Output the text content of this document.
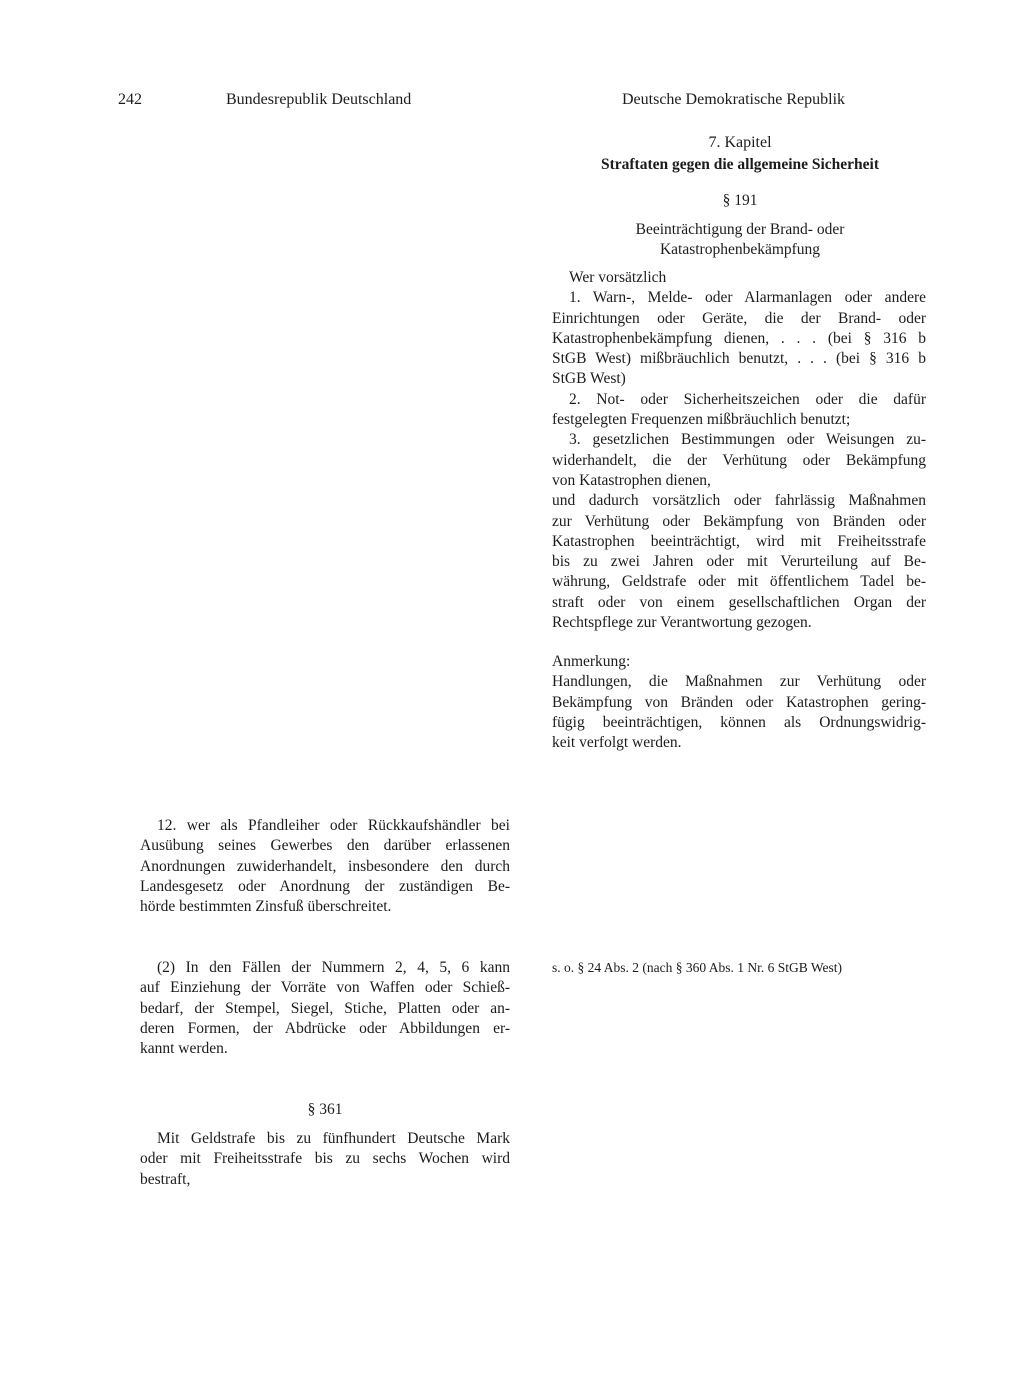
242	Bundesrepublik Deutschland	Deutsche Demokratische Republik
7. Kapitel
Straftaten gegen die allgemeine Sicherheit
§ 191
Beeinträchtigung der Brand- oder
Katastrophenbekämpfung
Wer vorsätzlich
1. Warn-, Melde- oder Alarmanlagen oder andere
Einrichtungen oder Geräte, die der Brand- oder
Katastrophenbekämpfung dienen, . . . (bei § 316 b
StGB West) mißbräuchlich benutzt, . . . (bei § 316 b
StGB West)
2. Not- oder Sicherheitszeichen oder die dafür
festgelegten Frequenzen mißbräuchlich benutzt;
3. gesetzlichen Bestimmungen oder Weisungen zu-
widerhandelt, die der Verhütung oder Bekämpfung
von Katastrophen dienen,
und dadurch vorsätzlich oder fahrlässig Maßnahmen
zur Verhütung oder Bekämpfung von Bränden oder
Katastrophen beeinträchtigt, wird mit Freiheitsstrafe
bis zu zwei Jahren oder mit Verurteilung auf Be-
währung, Geldstrafe oder mit öffentlichem Tadel be-
straft oder von einem gesellschaftlichen Organ der
Rechtspflege zur Verantwortung gezogen.
Anmerkung:
Handlungen, die Maßnahmen zur Verhütung oder
Bekämpfung von Bränden oder Katastrophen gering-
fügig beeinträchtigen, können als Ordnungswidrig-
keit verfolgt werden.
s. o. § 24 Abs. 2 (nach § 360 Abs. 1 Nr. 6 StGB West)
12. wer als Pfandleiher oder Rückkaufshändler bei
Ausübung seines Gewerbes den darüber erlassenen
Anordnungen zuwiderhandelt, insbesondere den durch
Landesgesetz oder Anordnung der zuständigen Be-
hörde bestimmten Zinsfuß überschreitet.
(2) In den Fällen der Nummern 2, 4, 5, 6 kann
auf Einziehung der Vorräte von Waffen oder Schieß-
bedarf, der Stempel, Siegel, Stiche, Platten oder an-
deren Formen, der Abdrücke oder Abbildungen er-
kannt werden.
§ 361
Mit Geldstrafe bis zu fünfhundert Deutsche Mark
oder mit Freiheitsstrafe bis zu sechs Wochen wird
bestraft,
